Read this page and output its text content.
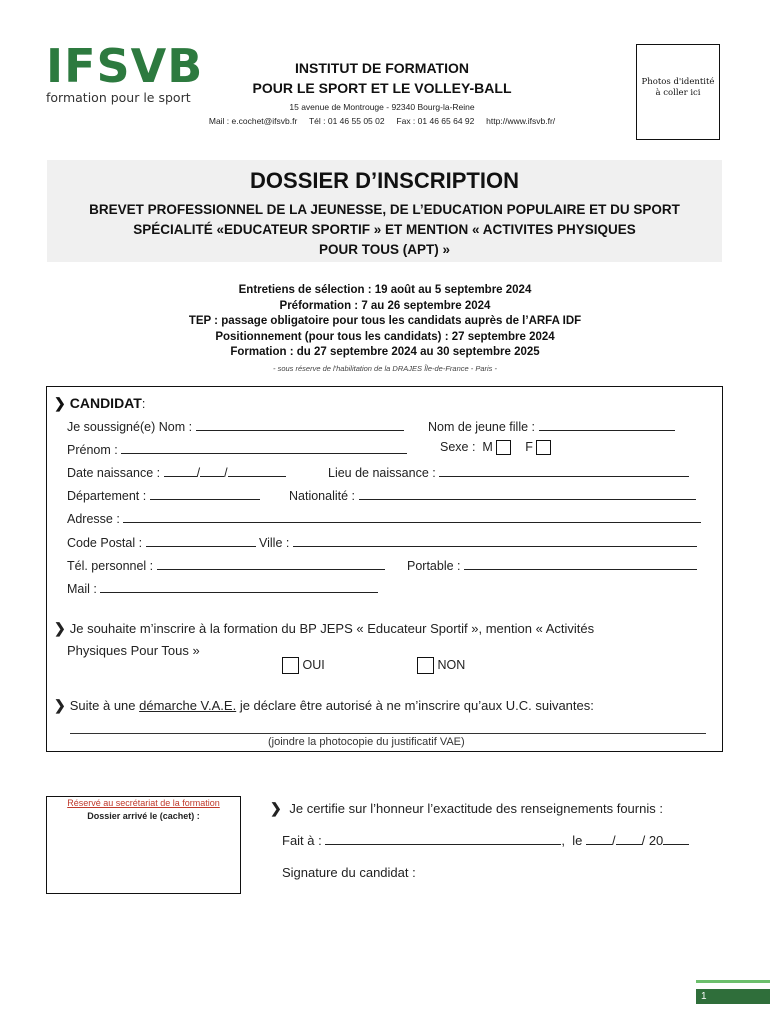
IFSVB
formation pour le sport
INSTITUT DE FORMATION
POUR LE SPORT ET LE VOLLEY-BALL
15 avenue de Montrouge - 92340 Bourg-la-Reine
Mail : e.cochet@ifsvb.fr     Tél : 01 46 55 05 02     Fax : 01 46 65 64 92     http://www.ifsvb.fr/
Photos d'identité
à coller ici
DOSSIER D’INSCRIPTION
BREVET PROFESSIONNEL DE LA JEUNESSE, DE L’EDUCATION POPULAIRE ET DU SPORT
SPÉCIALITÉ «EDUCATEUR SPORTIF » ET MENTION « ACTIVITES PHYSIQUES
POUR TOUS (APT) »
Entretiens de sélection : 19 août au 5 septembre 2024
Préformation : 7 au 26 septembre 2024
TEP : passage obligatoire pour tous les candidats auprès de l’ARFA IDF
Positionnement (pour tous les candidats) : 27 septembre 2024
Formation : du 27 septembre 2024 au 30 septembre 2025
- sous réserve de l'habilitation de la DRAJES Île-de-France - Paris -
❯ CANDIDAT:
Je soussigné(e) Nom :	Nom de jeune fille :
Prénom :	Sexe : M	F
Date naissance :	/ /	Lieu de naissance :
Département :	Nationalité :
Adresse :
Code Postal :	Ville :
Tél. personnel :	Portable :
Mail :
❯ Je souhaite m’inscrire à la formation du BP JEPS « Educateur Sportif », mention « Activités
Physiques Pour Tous »
OUI	NON
❯ Suite à une démarche V.A.E. je déclare être autorisé à ne m’inscrire qu’aux U.C. suivantes:
(joindre la photocopie du justificatif VAE)
Réservé au secrétariat de la formation
Dossier arrivé le (cachet) :	❯ Je certifie sur l’honneur l’exactitude des renseignements fournis :
Fait à :	,  le / / 20
Signature du candidat :
1
